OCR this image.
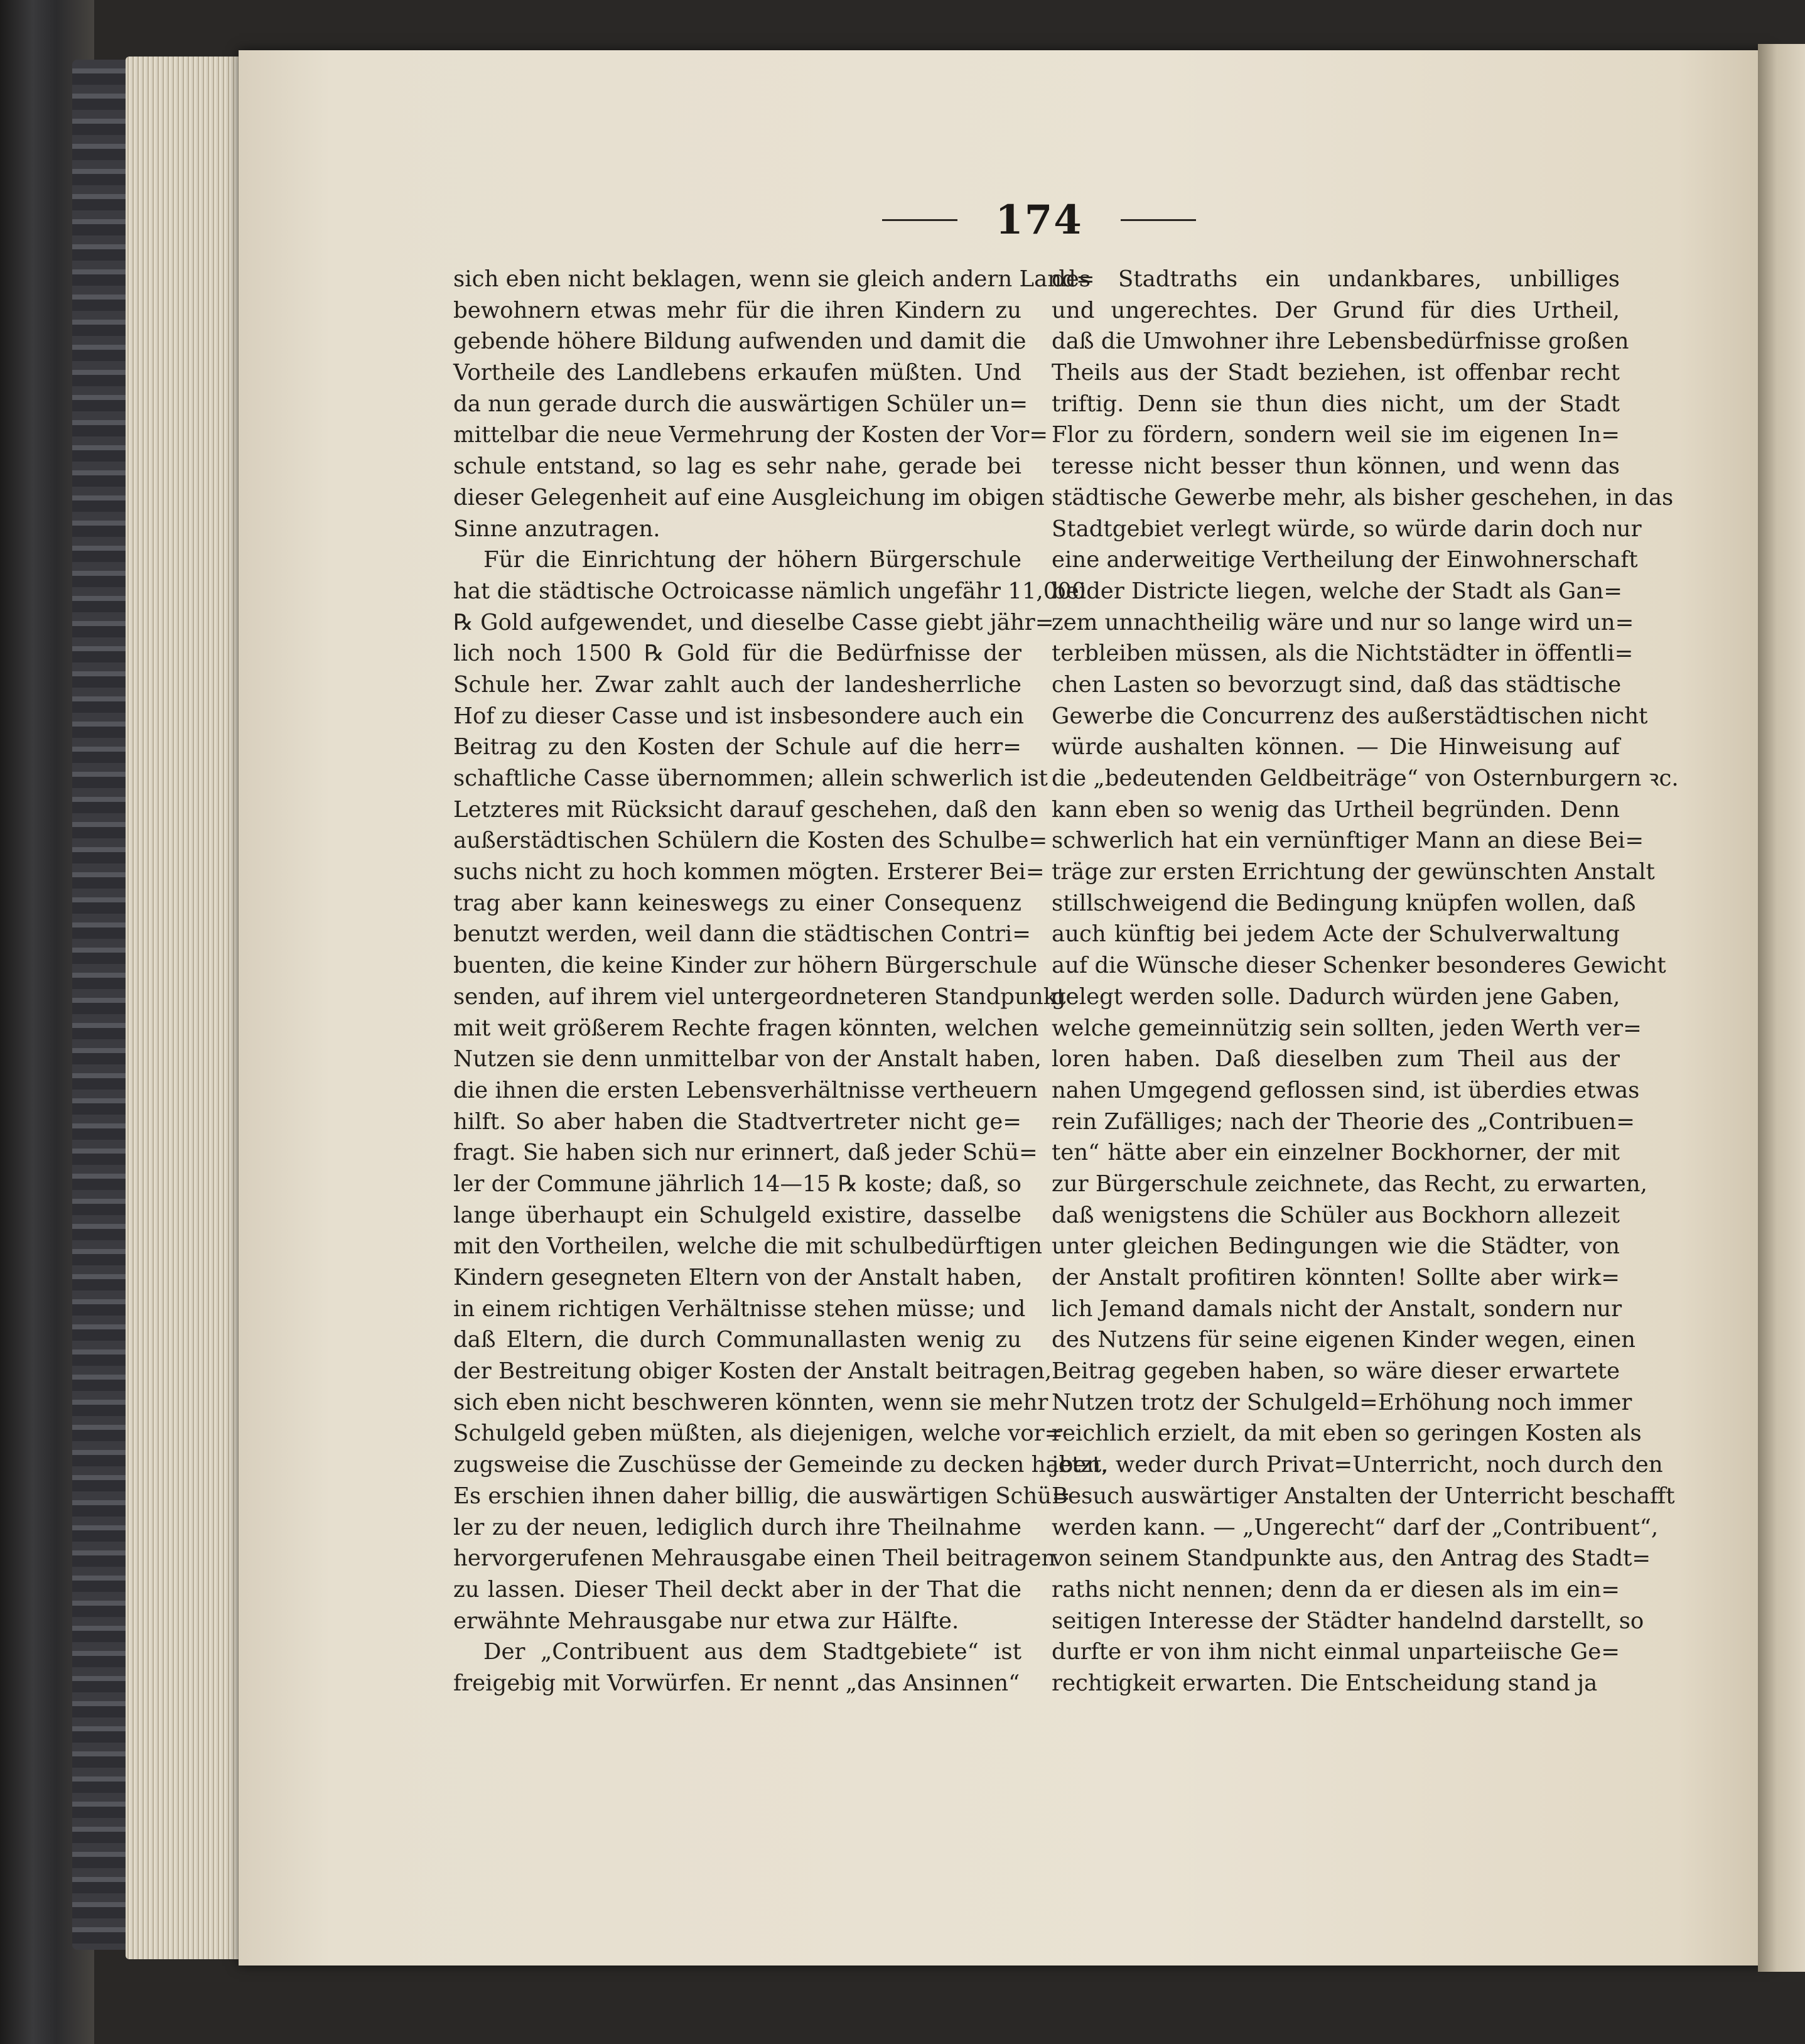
174
sich eben nicht beklagen, wenn sie gleich andern Land=
bewohnern etwas mehr für die ihren Kindern zu
gebende höhere Bildung aufwenden und damit die
Vortheile des Landlebens erkaufen müßten. Und
da nun gerade durch die auswärtigen Schüler un=
mittelbar die neue Vermehrung der Kosten der Vor=
schule entstand, so lag es sehr nahe, gerade bei
dieser Gelegenheit auf eine Ausgleichung im obigen
Sinne anzutragen.
Für die Einrichtung der höhern Bürgerschule
hat die städtische Octroicasse nämlich ungefähr 11,000
℞ Gold aufgewendet, und dieselbe Casse giebt jähr=
lich noch 1500 ℞ Gold für die Bedürfnisse der
Schule her. Zwar zahlt auch der landesherrliche
Hof zu dieser Casse und ist insbesondere auch ein
Beitrag zu den Kosten der Schule auf die herr=
schaftliche Casse übernommen; allein schwerlich ist
Letzteres mit Rücksicht darauf geschehen, daß den
außerstädtischen Schülern die Kosten des Schulbe=
suchs nicht zu hoch kommen mögten. Ersterer Bei=
trag aber kann keineswegs zu einer Consequenz
benutzt werden, weil dann die städtischen Contri=
buenten, die keine Kinder zur höhern Bürgerschule
senden, auf ihrem viel untergeordneteren Standpunkte
mit weit größerem Rechte fragen könnten, welchen
Nutzen sie denn unmittelbar von der Anstalt haben,
die ihnen die ersten Lebensverhältnisse vertheuern
hilft. So aber haben die Stadtvertreter nicht ge=
fragt. Sie haben sich nur erinnert, daß jeder Schü=
ler der Commune jährlich 14—15 ℞ koste; daß, so
lange überhaupt ein Schulgeld existire, dasselbe
mit den Vortheilen, welche die mit schulbedürftigen
Kindern gesegneten Eltern von der Anstalt haben,
in einem richtigen Verhältnisse stehen müsse; und
daß Eltern, die durch Communallasten wenig zu
der Bestreitung obiger Kosten der Anstalt beitragen,
sich eben nicht beschweren könnten, wenn sie mehr
Schulgeld geben müßten, als diejenigen, welche vor=
zugsweise die Zuschüsse der Gemeinde zu decken haben.
Es erschien ihnen daher billig, die auswärtigen Schü=
ler zu der neuen, lediglich durch ihre Theilnahme
hervorgerufenen Mehrausgabe einen Theil beitragen
zu lassen. Dieser Theil deckt aber in der That die
erwähnte Mehrausgabe nur etwa zur Hälfte.
Der „Contribuent aus dem Stadtgebiete“ ist
freigebig mit Vorwürfen. Er nennt „das Ansinnen“
des Stadtraths ein undankbares, unbilliges
und ungerechtes. Der Grund für dies Urtheil,
daß die Umwohner ihre Lebensbedürfnisse großen
Theils aus der Stadt beziehen, ist offenbar recht
triftig. Denn sie thun dies nicht, um der Stadt
Flor zu fördern, sondern weil sie im eigenen In=
teresse nicht besser thun können, und wenn das
städtische Gewerbe mehr, als bisher geschehen, in das
Stadtgebiet verlegt würde, so würde darin doch nur
eine anderweitige Vertheilung der Einwohnerschaft
beider Districte liegen, welche der Stadt als Gan=
zem unnachtheilig wäre und nur so lange wird un=
terbleiben müssen, als die Nichtstädter in öffentli=
chen Lasten so bevorzugt sind, daß das städtische
Gewerbe die Concurrenz des außerstädtischen nicht
würde aushalten können. — Die Hinweisung auf
die „bedeutenden Geldbeiträge“ von Osternburgern ꝛc.
kann eben so wenig das Urtheil begründen. Denn
schwerlich hat ein vernünftiger Mann an diese Bei=
träge zur ersten Errichtung der gewünschten Anstalt
stillschweigend die Bedingung knüpfen wollen, daß
auch künftig bei jedem Acte der Schulverwaltung
auf die Wünsche dieser Schenker besonderes Gewicht
gelegt werden solle. Dadurch würden jene Gaben,
welche gemeinnützig sein sollten, jeden Werth ver=
loren haben. Daß dieselben zum Theil aus der
nahen Umgegend geflossen sind, ist überdies etwas
rein Zufälliges; nach der Theorie des „Contribuen=
ten“ hätte aber ein einzelner Bockhorner, der mit
zur Bürgerschule zeichnete, das Recht, zu erwarten,
daß wenigstens die Schüler aus Bockhorn allezeit
unter gleichen Bedingungen wie die Städter, von
der Anstalt profitiren könnten! Sollte aber wirk=
lich Jemand damals nicht der Anstalt, sondern nur
des Nutzens für seine eigenen Kinder wegen, einen
Beitrag gegeben haben, so wäre dieser erwartete
Nutzen trotz der Schulgeld=Erhöhung noch immer
reichlich erzielt, da mit eben so geringen Kosten als
jetzt, weder durch Privat=Unterricht, noch durch den
Besuch auswärtiger Anstalten der Unterricht beschafft
werden kann. — „Ungerecht“ darf der „Contribuent“,
von seinem Standpunkte aus, den Antrag des Stadt=
raths nicht nennen; denn da er diesen als im ein=
seitigen Interesse der Städter handelnd darstellt, so
durfte er von ihm nicht einmal unparteiische Ge=
rechtigkeit erwarten. Die Entscheidung stand ja
